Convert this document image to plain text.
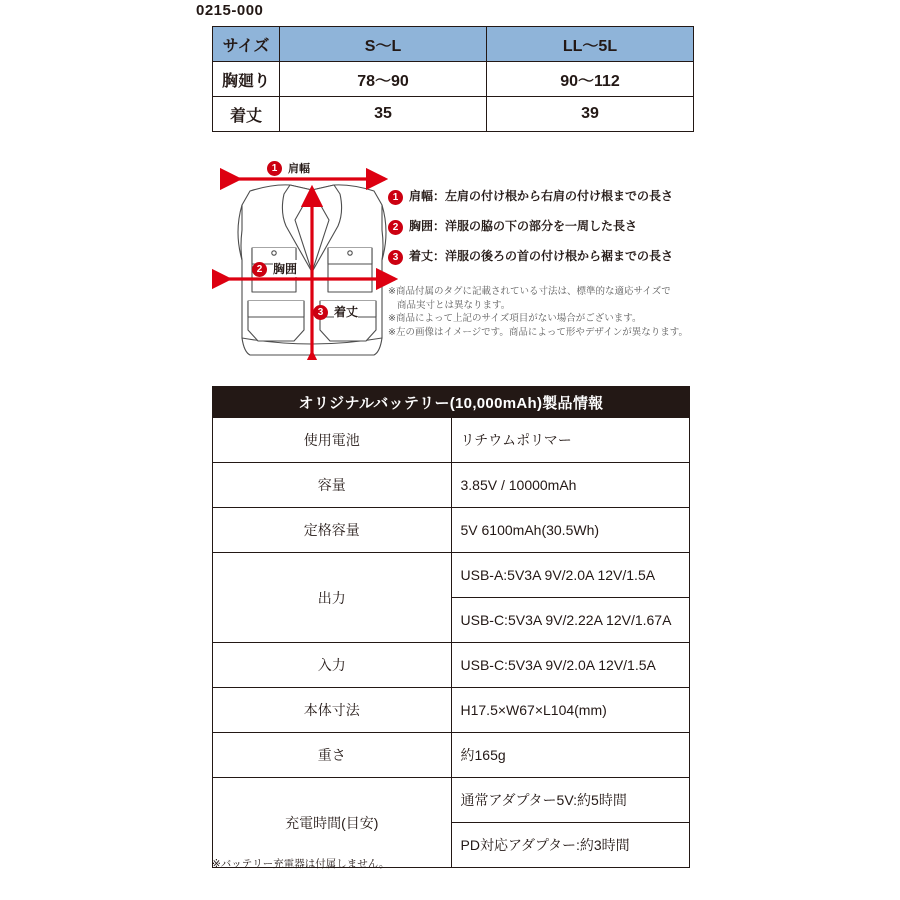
0215-000
サイズ	S〜L	LL〜5L
胸廻り	78〜90	90〜112
着丈	35	39
1 肩幅
2 胸囲
3 着丈
1 肩幅：左肩の付け根から右肩の付け根までの長さ
2 胸囲：洋服の脇の下の部分を一周した長さ
3 着丈：洋服の後ろの首の付け根から裾までの長さ
※商品付属のタグに記載されている寸法は、標準的な適応サイズで
商品実寸とは異なります。
※商品によって上記のサイズ項目がない場合がございます。
※左の画像はイメージです。商品によって形やデザインが異なります。
オリジナルバッテリー(10,000mAh)製品情報	
使用電池	リチウムポリマー
容量	3.85V / 10000mAh
定格容量	5V 6100mAh(30.5Wh)
出力	USB-A:5V3A 9V/2.0A 12V/1.5A
	USB-C:5V3A 9V/2.22A 12V/1.67A
入力	USB-C:5V3A 9V/2.0A 12V/1.5A
本体寸法	H17.5×W67×L104(mm)
重さ	約165g
充電時間(目安)	通常アダプター5V:約5時間
	PD対応アダプター:約3時間
※バッテリー充電器は付属しません。
